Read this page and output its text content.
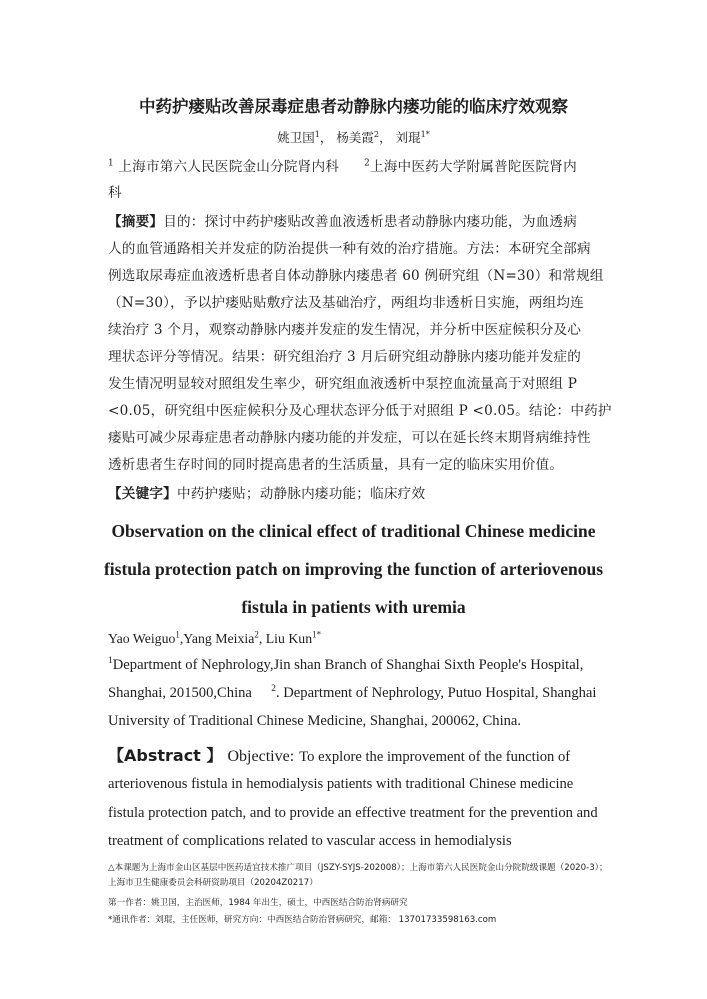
中药护瘘贴改善尿毒症患者动静脉内瘘功能的临床疗效观察
姚卫国$^1$， 杨美霞$^2$， 刘琨$^{1*}$
$^1$ 上海市第六人民医院金山分院肾内科	$^2$上海中医药大学附属普陀医院肾内
科
【摘要】目的：探讨中药护瘘贴改善血液透析患者动静脉内瘘功能，为血透病
人的血管通路相关并发症的防治提供一种有效的治疗措施。方法：本研究全部病
例选取尿毒症血液透析患者自体动静脉内瘘患者 60 例研究组（N=30）和常规组
（N=30），予以护瘘贴贴敷疗法及基础治疗，两组均非透析日实施，两组均连
续治疗 3 个月，观察动静脉内瘘并发症的发生情况，并分析中医症候积分及心
理状态评分等情况。结果：研究组治疗 3 月后研究组动静脉内瘘功能并发症的
发生情况明显较对照组发生率少，研究组血液透析中泵控血流量高于对照组 P
<0.05，研究组中医症候积分及心理状态评分低于对照组 P <0.05。结论：中药护
瘘贴可减少尿毒症患者动静脉内瘘功能的并发症，可以在延长终末期肾病维持性
透析患者生存时间的同时提高患者的生活质量，具有一定的临床实用价值。
【关键字】中药护瘘贴；动静脉内瘘功能；临床疗效
Observation on the clinical effect of traditional Chinese medicine
fistula protection patch on improving the function of arteriovenous
fistula in patients with uremia
Yao Weiguo$^1$,Yang Meixia$^2$, Liu Kun$^{1*}$
$^1$Department of Nephrology,Jin shan Branch of Shanghai Sixth People's Hospital,
Shanghai, 201500,China $^2$. Department of Nephrology, Putuo Hospital, Shanghai
University of Traditional Chinese Medicine, Shanghai, 200062, China.
【Abstract 】 Objective: To explore the improvement of the function of
arteriovenous fistula in hemodialysis patients with traditional Chinese medicine
fistula protection patch, and to provide an effective treatment for the prevention and
treatment of complications related to vascular access in hemodialysis
△本课题为上海市金山区基层中医药适宜技术推广项目（JSZY-SYJS-202008）；上海市第六人民医院金山分院院级课题（2020-3）；
上海市卫生健康委员会科研资助项目（20204Z0217）
第一作者：姚卫国，主治医师，1984 年出生，硕士，中西医结合防治肾病研究
*通讯作者：刘琨，主任医师，研究方向：中西医结合防治肾病研究，邮箱： 13701733598163.com
